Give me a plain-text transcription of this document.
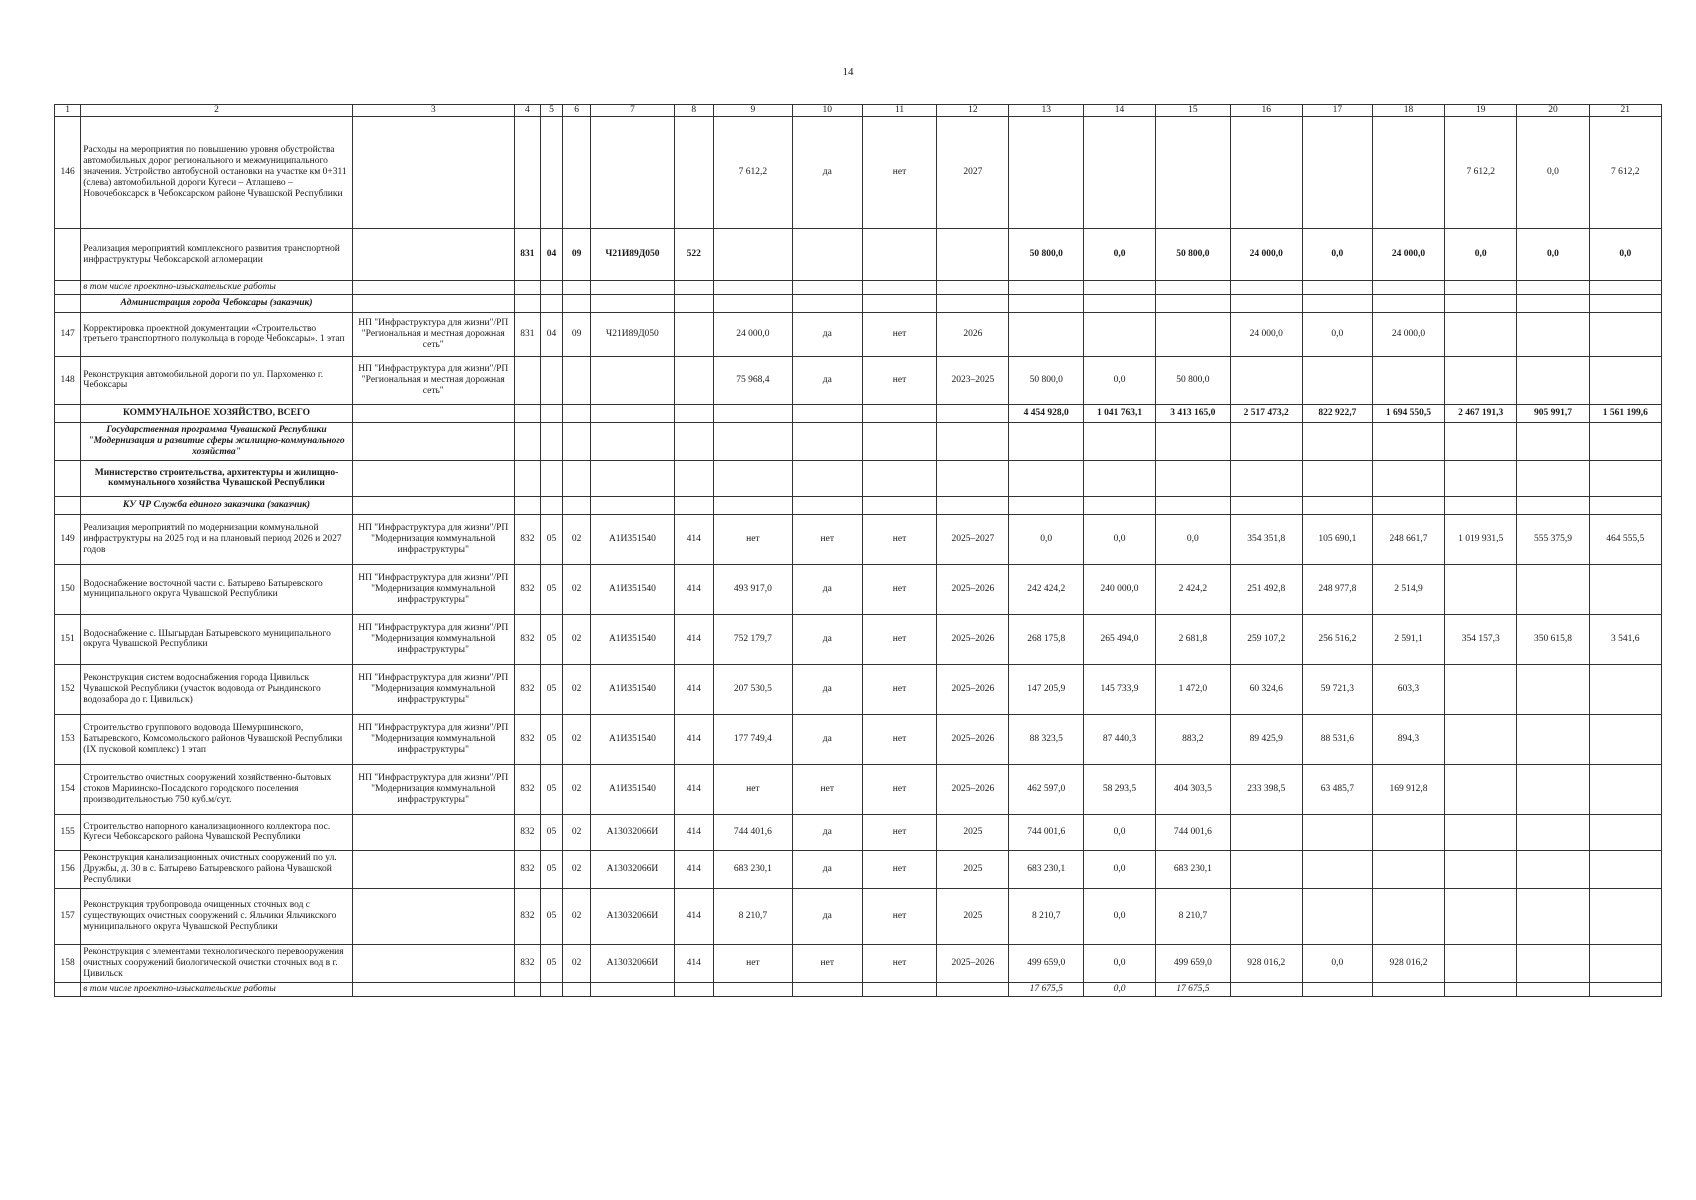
14
1	2	3	4	5	6	7	8	9	10	11	12	13	14	15	16	17	18	19	20	21
146	Расходы на мероприятия по повышению уровня обустройства автомобильных дорог регионального и межмуниципального значения. Устройство автобусной остановки на участке км 0+311 (слева) автомобильной дороги Кугеси – Атлашево – Новочебоксарск в Чебоксарском районе Чувашской Республики							7 612,2	да	нет	2027							7 612,2	0,0	7 612,2
	Реализация мероприятий комплексного развития транспортной инфраструктуры Чебоксарской агломерации		831	04	09	Ч21И89Д050	522					50 800,0	0,0	50 800,0	24 000,0	0,0	24 000,0	0,0	0,0	0,0
	в том числе проектно-изыскательские работы																			
	Администрация города Чебоксары (заказчик)																			
147	Корректировка проектной документации «Строительство третьего транспортного полукольца в городе Чебоксары». 1 этап	НП "Инфраструктура для жизни"/РП "Региональная и местная дорожная сеть"	831	04	09	Ч21И89Д050		24 000,0	да	нет	2026				24 000,0	0,0	24 000,0			
148	Реконструкция автомобильной дороги по ул. Пархоменко г. Чебоксары	НП "Инфраструктура для жизни"/РП "Региональная и местная дорожная сеть"						75 968,4	да	нет	2023–2025	50 800,0	0,0	50 800,0						
	КОММУНАЛЬНОЕ ХОЗЯЙСТВО, ВСЕГО											4 454 928,0	1 041 763,1	3 413 165,0	2 517 473,2	822 922,7	1 694 550,5	2 467 191,3	905 991,7	1 561 199,6
	Государственная программа Чувашской Республики "Модернизация и развитие сферы жилищно-коммунального хозяйства"																			
	Министерство строительства, архитектуры и жилищно-коммунального хозяйства Чувашской Республики																			
	КУ ЧР Служба единого заказчика (заказчик)																			
149	Реализация мероприятий по модернизации коммунальной инфраструктуры на 2025 год и на плановый период 2026 и 2027 годов	НП "Инфраструктура для жизни"/РП "Модернизация коммунальной инфраструктуры"	832	05	02	А1И351540	414	нет	нет	нет	2025–2027	0,0	0,0	0,0	354 351,8	105 690,1	248 661,7	1 019 931,5	555 375,9	464 555,5
150	Водоснабжение восточной части с. Батырево Батыревского муниципального округа Чувашской Республики	НП "Инфраструктура для жизни"/РП "Модернизация коммунальной инфраструктуры"	832	05	02	А1И351540	414	493 917,0	да	нет	2025–2026	242 424,2	240 000,0	2 424,2	251 492,8	248 977,8	2 514,9			
151	Водоснабжение с. Шыгырдан Батыревского муниципального округа Чувашской Республики	НП "Инфраструктура для жизни"/РП "Модернизация коммунальной инфраструктуры"	832	05	02	А1И351540	414	752 179,7	да	нет	2025–2026	268 175,8	265 494,0	2 681,8	259 107,2	256 516,2	2 591,1	354 157,3	350 615,8	3 541,6
152	Реконструкция систем водоснабжения города Цивильск Чувашской Республики (участок водовода от Рындинского водозабора до г. Цивильск)	НП "Инфраструктура для жизни"/РП "Модернизация коммунальной инфраструктуры"	832	05	02	А1И351540	414	207 530,5	да	нет	2025–2026	147 205,9	145 733,9	1 472,0	60 324,6	59 721,3	603,3			
153	Строительство группового водовода Шемуршинского, Батыревского, Комсомольского районов Чувашской Республики (IX пусковой комплекс) 1 этап	НП "Инфраструктура для жизни"/РП "Модернизация коммунальной инфраструктуры"	832	05	02	А1И351540	414	177 749,4	да	нет	2025–2026	88 323,5	87 440,3	883,2	89 425,9	88 531,6	894,3			
154	Строительство очистных сооружений хозяйственно-бытовых стоков Мариинско-Посадского городского поселения производительностью 750 куб.м/сут.	НП "Инфраструктура для жизни"/РП "Модернизация коммунальной инфраструктуры"	832	05	02	А1И351540	414	нет	нет	нет	2025–2026	462 597,0	58 293,5	404 303,5	233 398,5	63 485,7	169 912,8			
155	Строительство напорного канализационного коллектора пос. Кугеси Чебоксарского района Чувашской Республики		832	05	02	А13032066И	414	744 401,6	да	нет	2025	744 001,6	0,0	744 001,6						
156	Реконструкция канализационных очистных сооружений по ул. Дружбы, д. 30 в с. Батырево Батыревского района Чувашской Республики		832	05	02	А13032066И	414	683 230,1	да	нет	2025	683 230,1	0,0	683 230,1						
157	Реконструкция трубопровода очищенных сточных вод с существующих очистных сооружений с. Яльчики Яльчикского муниципального округа Чувашской Республики		832	05	02	А13032066И	414	8 210,7	да	нет	2025	8 210,7	0,0	8 210,7						
158	Реконструкция с элементами технологического перевооружения очистных сооружений биологической очистки сточных вод в г. Цивильск		832	05	02	А13032066И	414	нет	нет	нет	2025–2026	499 659,0	0,0	499 659,0	928 016,2	0,0	928 016,2			
	в том числе проектно-изыскательские работы											17 675,5	0,0	17 675,5						
